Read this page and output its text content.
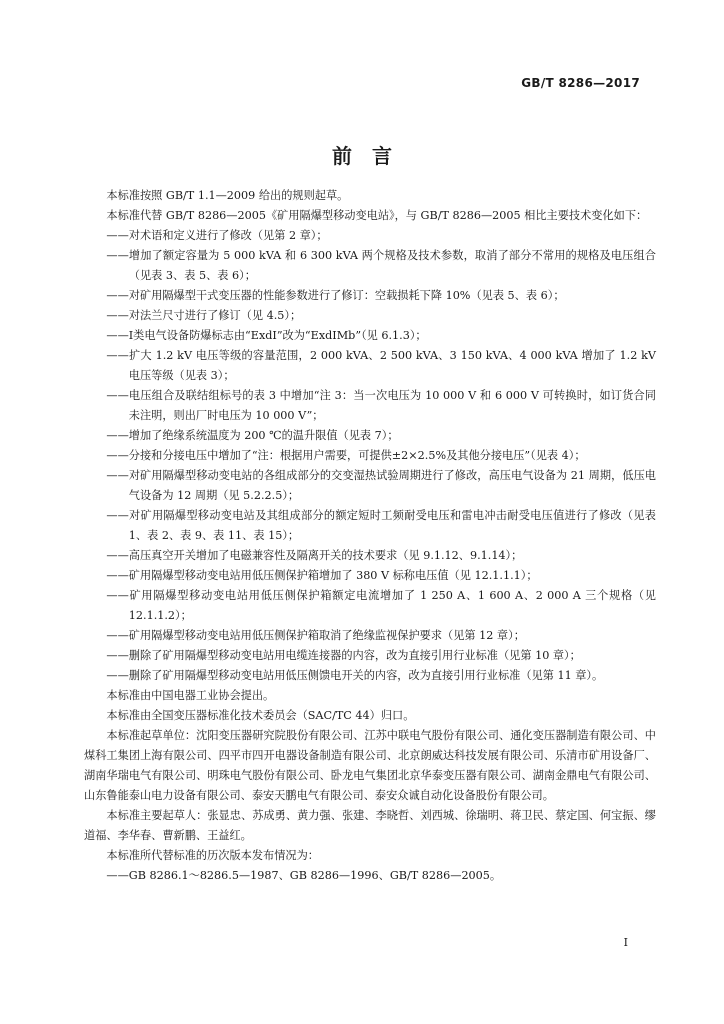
GB/T 8286—2017
前　言

本标准按照 GB/T 1.1—2009 给出的规则起草。

本标准代替 GB/T 8286—2005《矿用隔爆型移动变电站》，与 GB/T 8286—2005 相比主要技术变化如下：

——对术语和定义进行了修改（见第 2 章）；

——增加了额定容量为 5 000 kVA 和 6 300 kVA 两个规格及技术参数，取消了部分不常用的规格及电压组合（见表 3、表 5、表 6）；

——对矿用隔爆型干式变压器的性能参数进行了修订：空载损耗下降 10%（见表 5、表 6）；

——对法兰尺寸进行了修订（见 4.5）；

——Ⅰ类电气设备防爆标志由“ExdⅠ”改为“ExdⅠMb”（见 6.1.3）；

——扩大 1.2 kV 电压等级的容量范围，2 000 kVA、2 500 kVA、3 150 kVA、4 000 kVA 增加了 1.2 kV电压等级（见表 3）；

——电压组合及联结组标号的表 3 中增加“注 3：当一次电压为 10 000 V 和 6 000 V 可转换时，如订货合同未注明，则出厂时电压为 10 000 V”；

——增加了绝缘系统温度为 200 ℃的温升限值（见表 7）；

——分接和分接电压中增加了“注：根据用户需要，可提供±2×2.5%及其他分接电压”（见表 4）；

——对矿用隔爆型移动变电站的各组成部分的交变湿热试验周期进行了修改，高压电气设备为 21 周期，低压电气设备为 12 周期（见 5.2.2.5）；

——对矿用隔爆型移动变电站及其组成部分的额定短时工频耐受电压和雷电冲击耐受电压值进行了修改（见表 1、表 2、表 9、表 11、表 15）；

——高压真空开关增加了电磁兼容性及隔离开关的技术要求（见 9.1.12、9.1.14）；

——矿用隔爆型移动变电站用低压侧保护箱增加了 380 V 标称电压值（见 12.1.1.1）；

——矿用隔爆型移动变电站用低压侧保护箱额定电流增加了 1 250 A、1 600 A、2 000 A 三个规格（见 12.1.1.2）；

——矿用隔爆型移动变电站用低压侧保护箱取消了绝缘监视保护要求（见第 12 章）；

——删除了矿用隔爆型移动变电站用电缆连接器的内容，改为直接引用行业标准（见第 10 章）；

——删除了矿用隔爆型移动变电站用低压侧馈电开关的内容，改为直接引用行业标准（见第 11 章）。

本标准由中国电器工业协会提出。

本标准由全国变压器标准化技术委员会（SAC/TC 44）归口。

本标准起草单位：沈阳变压器研究院股份有限公司、江苏中联电气股份有限公司、通化变压器制造有限公司、中煤科工集团上海有限公司、四平市四开电器设备制造有限公司、北京朗威达科技发展有限公司、乐清市矿用设备厂、湖南华瑞电气有限公司、明珠电气股份有限公司、卧龙电气集团北京华泰变压器有限公司、湖南金鼎电气有限公司、山东鲁能泰山电力设备有限公司、泰安天鹏电气有限公司、泰安众诚自动化设备股份有限公司。

本标准主要起草人：张显忠、苏成勇、黄力强、张建、李晓哲、刘西城、徐瑞明、蒋卫民、蔡定国、何宝振、缪道福、李华春、曹新鹏、王益红。

本标准所代替标准的历次版本发布情况为：

——GB 8286.1～8286.5—1987、GB 8286—1996、GB/T 8286—2005。

Ⅰ
